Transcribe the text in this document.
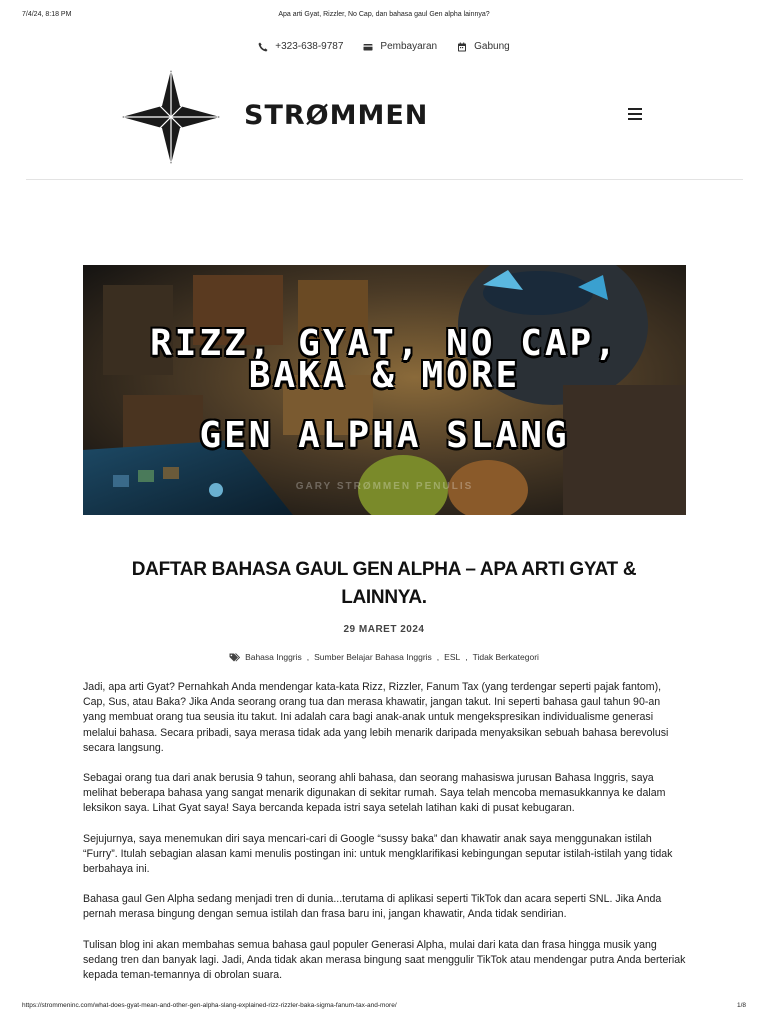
7/4/24, 8:18 PM	Apa arti Gyat, Rizzler, No Cap, dan bahasa gaul Gen alpha lainnya?
+323-638-9787	Pembayaran	Gabung
STRØMMEN
RIZZ, GYAT, NO CAP,
BAKA & MORE
GEN ALPHA SLANG
GARY STRØMMEN PENULIS
DAFTAR BAHASA GAUL GEN ALPHA – APA ARTI GYAT & LAINNYA.
29 MARET 2024
Bahasa Inggris , Sumber Belajar Bahasa Inggris , ESL , Tidak Berkategori

Jadi, apa arti Gyat? Pernahkah Anda mendengar kata-kata Rizz, Rizzler, Fanum Tax (yang terdengar seperti pajak fantom), Cap, Sus, atau Baka? Jika Anda seorang orang tua dan merasa khawatir, jangan takut. Ini seperti bahasa gaul tahun 90-an yang membuat orang tua seusia itu takut. Ini adalah cara bagi anak-anak untuk mengekspresikan individualisme generasi melalui bahasa. Secara pribadi, saya merasa tidak ada yang lebih menarik daripada menyaksikan sebuah bahasa berevolusi secara langsung.

Sebagai orang tua dari anak berusia 9 tahun, seorang ahli bahasa, dan seorang mahasiswa jurusan Bahasa Inggris, saya melihat beberapa bahasa yang sangat menarik digunakan di sekitar rumah. Saya telah mencoba memasukkannya ke dalam leksikon saya. Lihat Gyat saya! Saya bercanda kepada istri saya setelah latihan kaki di pusat kebugaran.

Sejujurnya, saya menemukan diri saya mencari-cari di Google “sussy baka” dan khawatir anak saya menggunakan istilah “Furry”. Itulah sebagian alasan kami menulis postingan ini: untuk mengklarifikasi kebingungan seputar istilah-istilah yang tidak berbahaya ini.

Bahasa gaul Gen Alpha sedang menjadi tren di dunia...terutama di aplikasi seperti TikTok dan acara seperti SNL. Jika Anda pernah merasa bingung dengan semua istilah dan frasa baru ini, jangan khawatir, Anda tidak sendirian.

Tulisan blog ini akan membahas semua bahasa gaul populer Generasi Alpha, mulai dari kata dan frasa hingga musik yang sedang tren dan banyak lagi. Jadi, Anda tidak akan merasa bingung saat menggulir TikTok atau mendengar putra Anda berteriak kepada teman-temannya di obrolan suara.

https://strommeninc.com/what-does-gyat-mean-and-other-gen-alpha-slang-explained-rizz-rizzler-baka-sigma-fanum-tax-and-more/	1/8
